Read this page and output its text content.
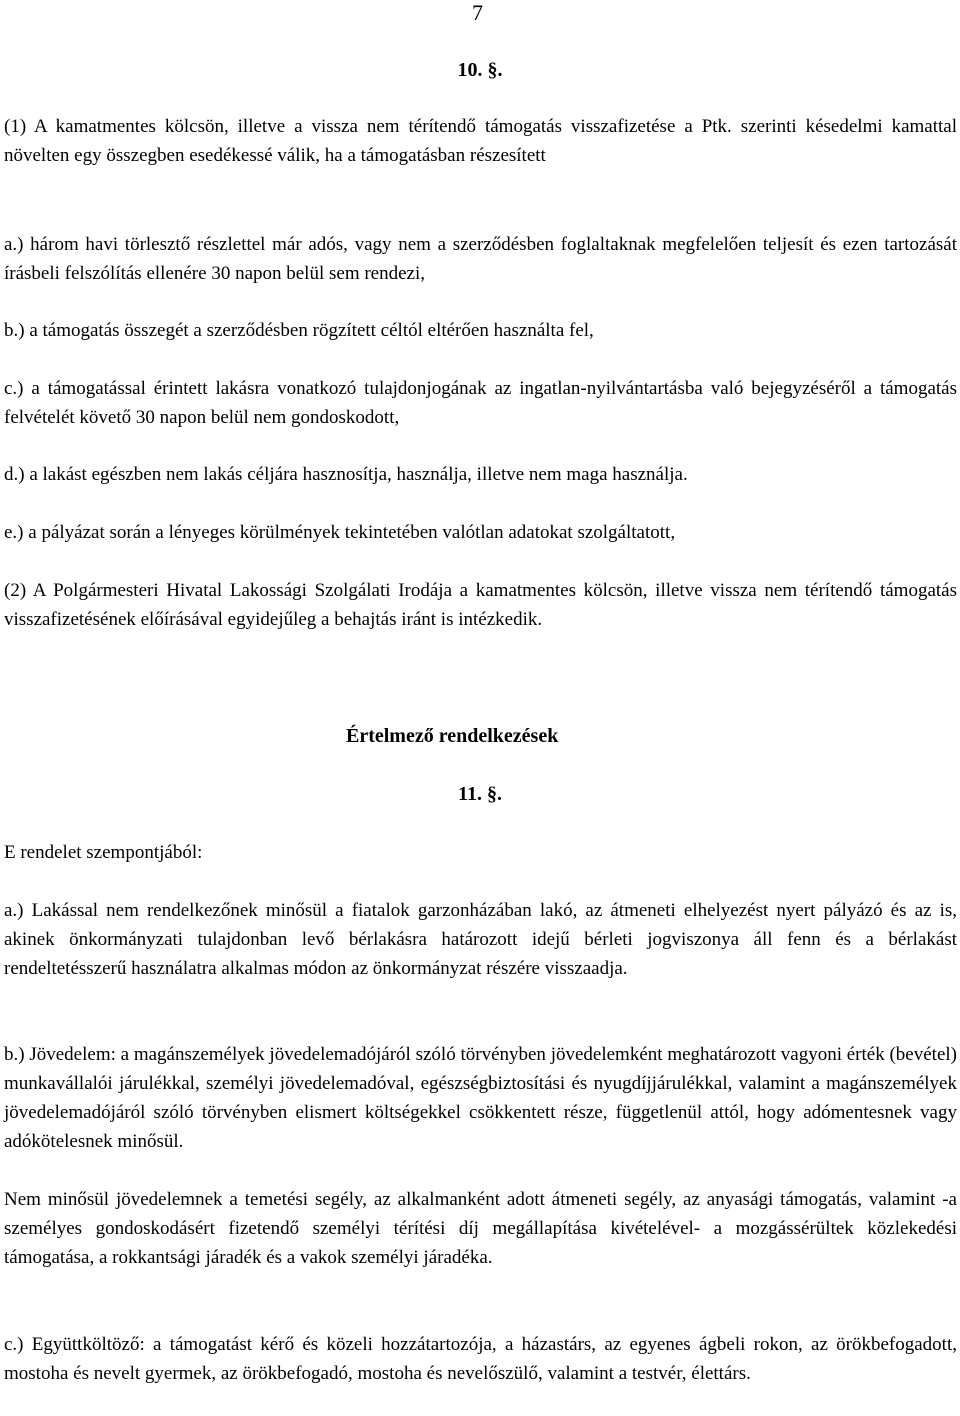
7
10. §.

(1) A kamatmentes kölcsön, illetve a vissza nem térítendő támogatás visszafizetése a Ptk. szerinti késedelmi kamattal növelten egy összegben esedékessé válik, ha a támogatásban részesített

a.) három havi törlesztő részlettel már adós, vagy nem a szerződésben foglaltaknak megfelelően teljesít és ezen tartozását írásbeli felszólítás ellenére 30 napon belül sem rendezi,

b.) a támogatás összegét a szerződésben rögzített céltól eltérően használta fel,

c.) a támogatással érintett lakásra vonatkozó tulajdonjogának az ingatlan-nyilvántartásba való bejegyzéséről a támogatás felvételét követő 30 napon belül nem gondoskodott,

d.) a lakást egészben nem lakás céljára hasznosítja, használja, illetve nem maga használja.

e.) a pályázat során a lényeges körülmények tekintetében valótlan adatokat szolgáltatott,

(2) A Polgármesteri Hivatal Lakossági Szolgálati Irodája a kamatmentes kölcsön, illetve vissza nem térítendő támogatás visszafizetésének előírásával egyidejűleg a behajtás iránt is intézkedik.

Értelmező rendelkezések
11. §.
E rendelet szempontjából:

a.) Lakással nem rendelkezőnek minősül a fiatalok garzonházában lakó, az átmeneti elhelyezést nyert pályázó és az is, akinek önkormányzati tulajdonban levő bérlakásra határozott idejű bérleti jogviszonya áll fenn és a bérlakást rendeltetésszerű használatra alkalmas módon az önkormányzat részére visszaadja.

b.) Jövedelem: a magánszemélyek jövedelemadójáról szóló törvényben jövedelemként meghatározott vagyoni érték (bevétel) munkavállalói járulékkal, személyi jövedelemadóval, egészségbiztosítási és nyugdíjjárulékkal, valamint a magánszemélyek jövedelemadójáról szóló törvényben elismert költségekkel csökkentett része, függetlenül attól, hogy adómentesnek vagy adókötelesnek minősül.

Nem minősül jövedelemnek a temetési segély, az alkalmanként adott átmeneti segély, az anyasági támogatás, valamint -a személyes gondoskodásért fizetendő személyi térítési díj megállapítása kivételével- a mozgássérültek közlekedési támogatása, a rokkantsági járadék és a vakok személyi járadéka.

c.) Együttköltöző: a támogatást kérő és közeli hozzátartozója, a házastárs, az egyenes ágbeli rokon, az örökbefogadott, mostoha és nevelt gyermek, az örökbefogadó, mostoha és nevelőszülő, valamint a testvér, élettárs.
